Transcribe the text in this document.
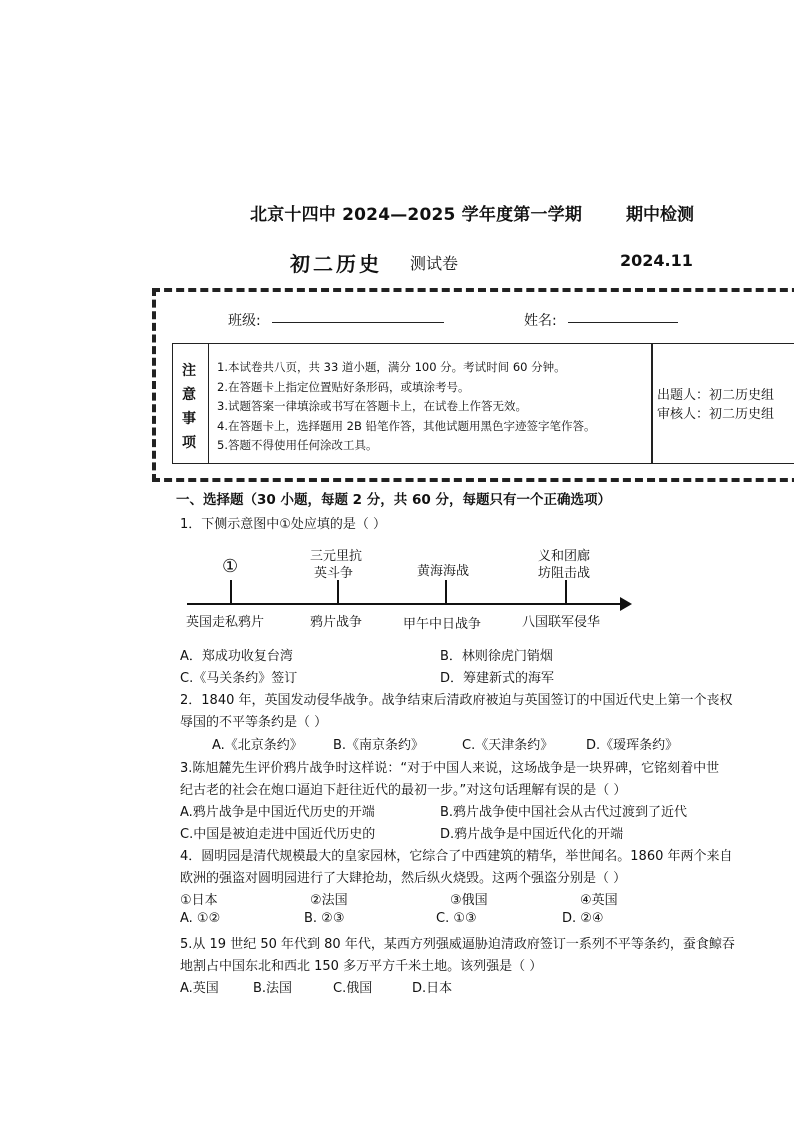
北京十四中 2024—2025 学年度第一学期	期中检测
初二历史 测试卷	2024.11
班级:	姓名:
注
意
事
项
1.本试卷共八页，共 33 道小题，满分 100 分。考试时间 60 分钟。
2.在答题卡上指定位置贴好条形码，或填涂考号。
3.试题答案一律填涂或书写在答题卡上，在试卷上作答无效。
4.在答题卡上，选择题用 2B 铅笔作答，其他试题用黑色字迹签字笔作答。
5.答题不得使用任何涂改工具。
出题人：初二历史组
审核人：初二历史组
一、选择题（30 小题，每题 2 分，共 60 分，每题只有一个正确选项）
1．下侧示意图中①处应填的是（ ）
①	三元里抗
英斗争	黄海海战
义和团廊
坊阻击战
英国走私鸦片	鸦片战争	甲午中日战争	八国联军侵华
A．郑成功收复台湾	B．林则徐虎门销烟
C.《马关条约》签订	D．筹建新式的海军
2．1840 年，英国发动侵华战争。战争结束后清政府被迫与英国签订的中国近代史上第一个丧权
辱国的不平等条约是（ ）
A.《北京条约》 B.《南京条约》	C.《天津条约》	D.《瑷珲条约》
3.陈旭麓先生评价鸦片战争时这样说：“对于中国人来说，这场战争是一块界碑，它铭刻着中世
纪古老的社会在炮口逼迫下赶往近代的最初一步。”对这句话理解有误的是（ ）
A.鸦片战争是中国近代历史的开端	B.鸦片战争使中国社会从古代过渡到了近代
C.中国是被迫走进中国近代历史的	D.鸦片战争是中国近代化的开端
4．圆明园是清代规模最大的皇家园林，它综合了中西建筑的精华，举世闻名。1860 年两个来自
欧洲的强盗对圆明园进行了大肆抢劫，然后纵火烧毁。这两个强盗分别是（ ）
①日本	②法国	③俄国	④英国
A. ①②	B. ②③	C. ①③	D. ②④
5.从 19 世纪 50 年代到 80 年代，某西方列强威逼胁迫清政府签订一系列不平等条约，蚕食鲸吞
地割占中国东北和西北 150 多万平方千米土地。该列强是（ ）
A.英国	B.法国	C.俄国	D.日本
